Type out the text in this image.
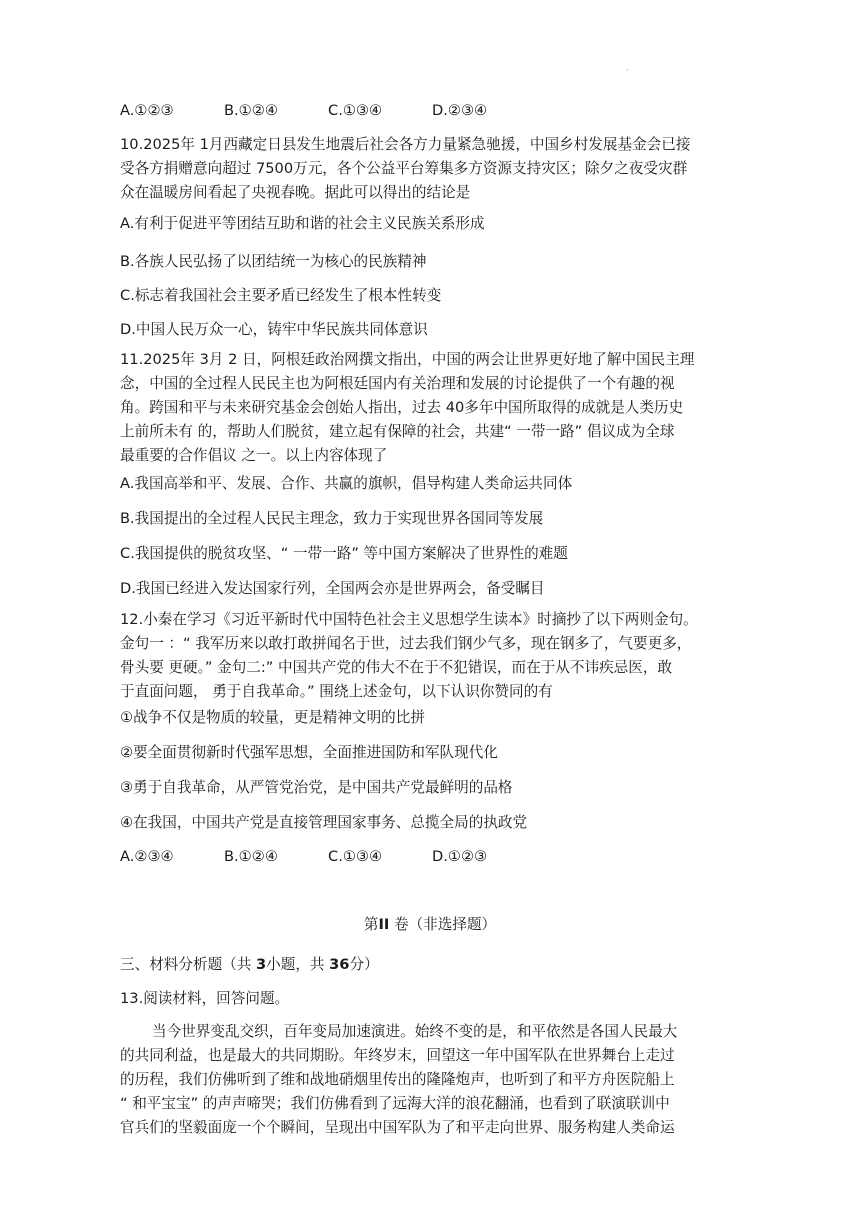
·
A.①②③	B.①②④	C.①③④	D.②③④
10.2025年 1月西藏定日县发生地震后社会各方力量紧急驰援，中国乡村发展基金会已接
受各方捐赠意向超过 7500万元，各个公益平台筹集多方资源支持灾区；除夕之夜受灾群
众在温暖房间看起了央视春晚。据此可以得出的结论是
A.有利于促进平等团结互助和谐的社会主义民族关系形成
B.各族人民弘扬了以团结统一为核心的民族精神
C.标志着我国社会主要矛盾已经发生了根本性转变
D.中国人民万众一心，铸牢中华民族共同体意识
11.2025年 3月 2 日，阿根廷政治网撰文指出，中国的两会让世界更好地了解中国民主理
念，中国的全过程人民民主也为阿根廷国内有关治理和发展的讨论提供了一个有趣的视
角。跨国和平与未来研究基金会创始人指出，过去 40多年中国所取得的成就是人类历史
上前所未有 的，帮助人们脱贫，建立起有保障的社会，共建“ 一带一路” 倡议成为全球
最重要的合作倡议 之一。以上内容体现了
A.我国高举和平、发展、合作、共赢的旗帜，倡导构建人类命运共同体
B.我国提出的全过程人民民主理念，致力于实现世界各国同等发展
C.我国提供的脱贫攻坚、“ 一带一路” 等中国方案解决了世界性的难题
D.我国已经进入发达国家行列，全国两会亦是世界两会，备受瞩目
12.小秦在学习《习近平新时代中国特色社会主义思想学生读本》时摘抄了以下两则金句。
金句一 ：“ 我军历来以敢打敢拼闻名于世，过去我们钢少气多，现在钢多了，气要更多，
骨头要 更硬。” 金句二:” 中国共产党的伟大不在于不犯错误，而在于从不讳疾忌医，敢
于直面问题， 勇于自我革命。” 围绕上述金句，以下认识你赞同的有
①战争不仅是物质的较量，更是精神文明的比拼
②要全面贯彻新时代强军思想，全面推进国防和军队现代化
③勇于自我革命，从严管党治党，是中国共产党最鲜明的品格
④在我国，中国共产党是直接管理国家事务、总揽全局的执政党
A.②③④	B.①②④	C.①③④	D.①②③
第II 卷（非选择题）
三、材料分析题（共 3小题，共 36分）
13.阅读材料，回答问题。
当今世界变乱交织，百年变局加速演进。始终不变的是，和平依然是各国人民最大
的共同利益，也是最大的共同期盼。年终岁末，回望这一年中国军队在世界舞台上走过
的历程，我们仿佛听到了维和战地硝烟里传出的隆隆炮声，也听到了和平方舟医院船上
“ 和平宝宝” 的声声啼哭；我们仿佛看到了远海大洋的浪花翻涌，也看到了联演联训中
官兵们的坚毅面庞一个个瞬间，呈现出中国军队为了和平走向世界、服务构建人类命运
